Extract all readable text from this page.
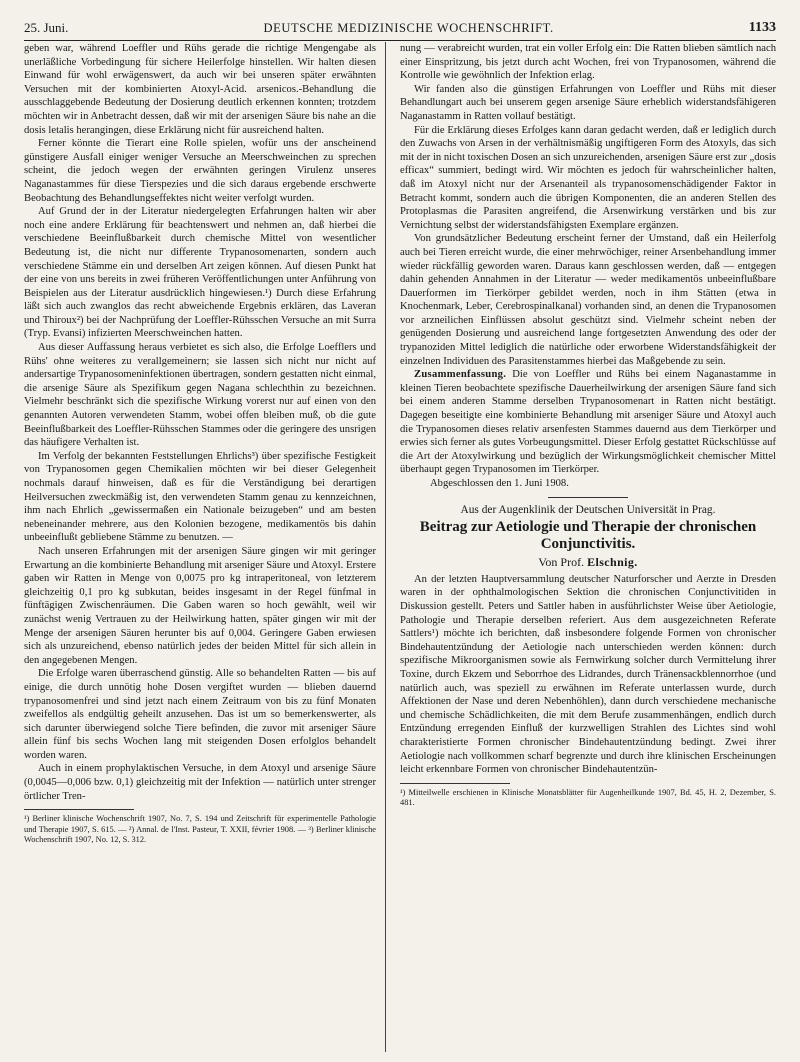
25. Juni.	DEUTSCHE MEDIZINISCHE WOCHENSCHRIFT.	1133

geben war, während Loeffler und Rühs gerade die richtige Mengengabe als unerläßliche Vorbedingung für sichere Heilerfolge hinstellen. Wir halten diesen Einwand für wohl erwägenswert, da auch wir bei unseren später erwähnten Versuchen mit der kombinierten Atoxyl-Acid. arsenicos.-Behandlung die ausschlaggebende Bedeutung der Dosierung deutlich erkennen konnten; trotzdem möchten wir in Anbetracht dessen, daß wir mit der arsenigen Säure bis nahe an die dosis letalis herangingen, diese Erklärung nicht für ausreichend halten.

Ferner könnte die Tierart eine Rolle spielen, wofür uns der anscheinend günstigere Ausfall einiger weniger Versuche an Meerschweinchen zu sprechen scheint, die jedoch wegen der erwähnten geringen Virulenz unseres Naganastammes für diese Tierspezies und die sich daraus ergebende erschwerte Beobachtung des Behandlungseffektes nicht weiter verfolgt wurden.

Auf Grund der in der Literatur niedergelegten Erfahrungen halten wir aber noch eine andere Erklärung für beachtenswert und nehmen an, daß hierbei die verschiedene Beeinflußbarkeit durch chemische Mittel von wesentlicher Bedeutung ist, die nicht nur differente Trypanosomenarten, sondern auch verschiedene Stämme ein und derselben Art zeigen können. Auf diesen Punkt hat der eine von uns bereits in zwei früheren Veröffentlichungen unter Anführung von Beispielen aus der Literatur ausdrücklich hingewiesen.¹) Durch diese Erfahrung läßt sich auch zwanglos das recht abweichende Ergebnis erklären, das Laveran und Thiroux²) bei der Nachprüfung der Loeffler-Rühsschen Versuche an mit Surra (Tryp. Evansi) infizierten Meerschweinchen hatten.

Aus dieser Auffassung heraus verbietet es sich also, die Erfolge Loefflers und Rühs' ohne weiteres zu verallgemeinern; sie lassen sich nicht nur nicht auf andersartige Trypanosomeninfektionen übertragen, sondern gestatten nicht einmal, die arsenige Säure als Spezifikum gegen Nagana schlechthin zu bezeichnen. Vielmehr beschränkt sich die spezifische Wirkung vorerst nur auf einen von den genannten Autoren verwendeten Stamm, wobei offen bleiben muß, ob die gute Beeinflußbarkeit des Loeffler-Rühsschen Stammes oder die geringere des unsrigen das häufigere Verhalten ist.

Im Verfolg der bekannten Feststellungen Ehrlichs³) über spezifische Festigkeit von Trypanosomen gegen Chemikalien möchten wir bei dieser Gelegenheit nochmals darauf hinweisen, daß es für die Verständigung bei derartigen Heilversuchen zweckmäßig ist, den verwendeten Stamm genau zu kennzeichnen, ihm nach Ehrlich „gewissermaßen ein Nationale beizugeben“ und am besten nebeneinander mehrere, aus den Kolonien bezogene, medikamentös bis dahin unbeeinflußt gebliebene Stämme zu benutzen. —

Nach unseren Erfahrungen mit der arsenigen Säure gingen wir mit geringer Erwartung an die kombinierte Behandlung mit arseniger Säure und Atoxyl. Erstere gaben wir Ratten in Menge von 0,0075 pro kg intraperitoneal, von letzterem gleichzeitig 0,1 pro kg subkutan, beides insgesamt in der Regel fünfmal in fünftägigen Zwischenräumen. Die Gaben waren so hoch gewählt, weil wir zunächst wenig Vertrauen zu der Heilwirkung hatten, später gingen wir mit der Menge der arsenigen Säuren herunter bis auf 0,004. Geringere Gaben erwiesen sich als unzureichend, ebenso natürlich jedes der beiden Mittel für sich allein in den angegebenen Mengen.

Die Erfolge waren überraschend günstig. Alle so behandelten Ratten — bis auf einige, die durch unnötig hohe Dosen vergiftet wurden — blieben dauernd trypanosomenfrei und sind jetzt nach einem Zeitraum von bis zu fünf Monaten zweifellos als endgültig geheilt anzusehen. Das ist um so bemerkenswerter, als sich darunter überwiegend solche Tiere befinden, die zuvor mit arseniger Säure allein fünf bis sechs Wochen lang mit steigenden Dosen erfolglos behandelt worden waren.

Auch in einem prophylaktischen Versuche, in dem Atoxyl und arsenige Säure (0,0045—0,006 bzw. 0,1) gleichzeitig mit der Infektion — natürlich unter strenger örtlicher Tren-

¹) Berliner klinische Wochenschrift 1907, No. 7, S. 194 und Zeitschrift für experimentelle Pathologie und Therapie 1907, S. 615. — ²) Annal. de l'Inst. Pasteur, T. XXII, février 1908. — ³) Berliner klinische Wochenschrift 1907, No. 12, S. 312.

nung — verabreicht wurden, trat ein voller Erfolg ein: Die Ratten blieben sämtlich nach einer Einspritzung, bis jetzt durch acht Wochen, frei von Trypanosomen, während die Kontrolle wie gewöhnlich der Infektion erlag.

Wir fanden also die günstigen Erfahrungen von Loeffler und Rühs mit dieser Behandlungart auch bei unserem gegen arsenige Säure erheblich widerstandsfähigeren Naganastamm in Ratten vollauf bestätigt.

Für die Erklärung dieses Erfolges kann daran gedacht werden, daß er lediglich durch den Zuwachs von Arsen in der verhältnismäßig ungiftigeren Form des Atoxyls, das sich mit der in nicht toxischen Dosen an sich unzureichenden, arsenigen Säure erst zur „dosis efficax“ summiert, bedingt wird. Wir möchten es jedoch für wahrscheinlicher halten, daß im Atoxyl nicht nur der Arsenanteil als trypanosomenschädigender Faktor in Betracht kommt, sondern auch die übrigen Komponenten, die an anderen Stellen des Protoplasmas die Parasiten angreifend, die Arsenwirkung verstärken und bis zur Vernichtung selbst der widerstandsfähigsten Exemplare ergänzen.

Von grundsätzlicher Bedeutung erscheint ferner der Umstand, daß ein Heilerfolg auch bei Tieren erreicht wurde, die einer mehrwöchiger, reiner Arsenbehandlung immer wieder rückfällig geworden waren. Daraus kann geschlossen werden, daß — entgegen dahin gehenden Annahmen in der Literatur — weder medikamentös unbeeinflußbare Dauerformen im Tierkörper gebildet werden, noch in ihm Stätten (etwa in Knochenmark, Leber, Cerebrospinalkanal) vorhanden sind, an denen die Trypanosomen vor arzneilichen Einflüssen absolut geschützt sind. Vielmehr scheint neben der genügenden Dosierung und ausreichend lange fortgesetzten Anwendung des oder der trypanoziden Mittel lediglich die natürliche oder erworbene Widerstandsfähigkeit der einzelnen Individuen des Parasitenstammes hierbei das Maßgebende zu sein.

Zusammenfassung. Die von Loeffler und Rühs bei einem Naganastamme in kleinen Tieren beobachtete spezifische Dauerheilwirkung der arsenigen Säure fand sich bei einem anderen Stamme derselben Trypanosomenart in Ratten nicht bestätigt. Dagegen beseitigte eine kombinierte Behandlung mit arseniger Säure und Atoxyl auch die Trypanosomen dieses relativ arsenfesten Stammes dauernd aus dem Tierkörper und erwies sich ferner als gutes Vorbeugungsmittel. Dieser Erfolg gestattet Rückschlüsse auf die Art der Atoxylwirkung und bezüglich der Wirkungsmöglichkeit chemischer Mittel überhaupt gegen Trypanosomen im Tierkörper.

Abgeschlossen den 1. Juni 1908.

Aus der Augenklinik der Deutschen Universität in Prag.
Beitrag zur Aetiologie und Therapie der chronischen Conjunctivitis.
Von Prof. Elschnig.

An der letzten Hauptversammlung deutscher Naturforscher und Aerzte in Dresden waren in der ophthalmologischen Sektion die chronischen Conjunctivitiden in Diskussion gestellt. Peters und Sattler haben in ausführlichster Weise über Aetiologie, Pathologie und Therapie derselben referiert. Aus dem ausgezeichneten Referate Sattlers¹) möchte ich berichten, daß insbesondere folgende Formen von chronischer Bindehautentzündung der Aetiologie nach unterschieden werden können: durch spezifische Mikroorganismen sowie als Fernwirkung solcher durch Vermittelung ihrer Toxine, durch Ekzem und Seborrhoe des Lidrandes, durch Tränensackblennorrhoe (und natürlich auch, was speziell zu erwähnen im Referate unterlassen wurde, durch Affektionen der Nase und deren Nebenhöhlen), dann durch verschiedene mechanische und chemische Schädlichkeiten, die mit dem Berufe zusammenhängen, endlich durch Entzündung erregenden Einfluß der kurzwelligen Strahlen des Lichtes sind wohl charakteristierte Formen chronischer Bindehautentzündung bedingt. Zwei ihrer Aetiologie nach vollkommen scharf begrenzte und durch ihre klinischen Erscheinungen leicht erkennbare Formen von chronischer Bindehautentzün-

¹) Mitteilwelle erschienen in Klinische Monatsblätter für Augenheilkunde 1907, Bd. 45, H. 2, Dezember, S. 481.
